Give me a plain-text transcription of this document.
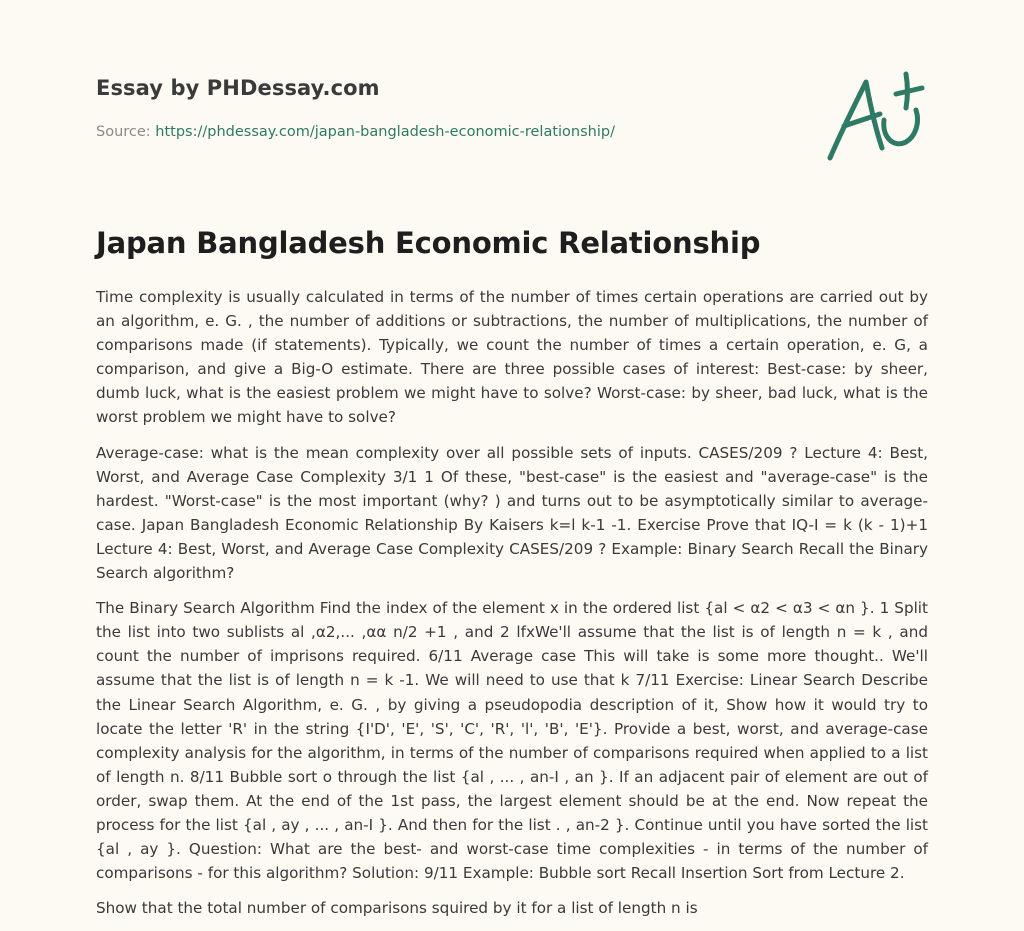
Essay by PHDessay.com

Source: https://phdessay.com/japan-bangladesh-economic-relationship/

Japan Bangladesh Economic Relationship

Time complexity is usually calculated in terms of the number of times certain operations are carried out by an algorithm, e. G. , the number of additions or subtractions, the number of multiplications, the number of comparisons made (if statements). Typically, we count the number of times a certain operation, e. G, a comparison, and give a Big-O estimate. There are three possible cases of interest: Best-case: by sheer, dumb luck, what is the easiest problem we might have to solve? Worst-case: by sheer, bad luck, what is the worst problem we might have to solve?

Average-case: what is the mean complexity over all possible sets of inputs. CASES/209 ? Lecture 4: Best, Worst, and Average Case Complexity 3/1 1 Of these, "best-case" is the easiest and "average-case" is the hardest. "Worst-case" is the most important (why? ) and turns out to be asymptotically similar to average-case. Japan Bangladesh Economic Relationship By Kaisers k=l k-1 -1. Exercise Prove that IQ-I = k (k - 1)+1 Lecture 4: Best, Worst, and Average Case Complexity CASES/209 ? Example: Binary Search Recall the Binary Search algorithm?

The Binary Search Algorithm Find the index of the element x in the ordered list {al < α2 < α3 < αn }. 1 Split the list into two sublists al ,α2,... ,αα n/2 +1 , and 2 lfxWe'll assume that the list is of length n = k , and count the number of imprisons required. 6/11 Average case This will take is some more thought.. We'll assume that the list is of length n = k -1. We will need to use that k 7/11 Exercise: Linear Search Describe the Linear Search Algorithm, e. G. , by giving a pseudopodia description of it, Show how it would try to locate the letter 'R' in the string {I'D', 'E', 'S', 'C', 'R', 'l', 'B', 'E'}. Provide a best, worst, and average-case complexity analysis for the algorithm, in terms of the number of comparisons required when applied to a list of length n. 8/11 Bubble sort o through the list {al , ... , an-I , an }. If an adjacent pair of element are out of order, swap them. At the end of the 1st pass, the largest element should be at the end. Now repeat the process for the list {al , ay , ... , an-I }. And then for the list . , an-2 }. Continue until you have sorted the list {al , ay }. Question: What are the best- and worst-case time complexities - in terms of the number of comparisons - for this algorithm? Solution: 9/11 Example: Bubble sort Recall Insertion Sort from Lecture 2.

Show that the total number of comparisons squired by it for a list of length n is
